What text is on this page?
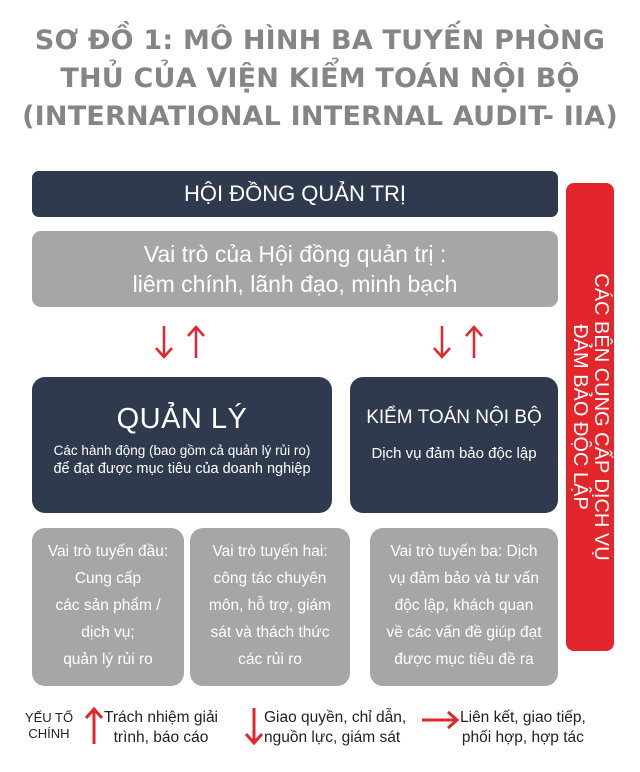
SƠ ĐỒ 1: MÔ HÌNH BA TUYẾN PHÒNG
THỦ CỦA VIỆN KIỂM TOÁN NỘI BỘ
(INTERNATIONAL INTERNAL AUDIT- IIA)
HỘI ĐỒNG QUẢN TRỊ
Vai trò của Hội đồng quản trị :
liêm chính, lãnh đạo, minh bạch
QUẢN LÝ
Các hành động (bao gồm cả quản lý rủi ro)
để đạt được mục tiêu của doanh nghiệp
KIỂM TOÁN NỘI BỘ
Dịch vụ đảm bảo độc lập
Vai trò tuyến đầu:
Cung cấp
các sản phẩm /
dịch vụ;
quản lý rủi ro
Vai trò tuyến hai:
công tác chuyên
môn, hỗ trợ, giám
sát và thách thức
các rủi ro
Vai trò tuyến ba: Dịch
vụ đảm bảo và tư vấn
độc lập, khách quan
về các vấn đề giúp đạt
được mục tiêu đề ra
CÁC BÊN CUNG CẤP DỊCH VỤ
ĐẢM BẢO ĐỘC LẬP
YẾU TỐ
CHÍNH
Trách nhiệm giải
trình, báo cáo
Giao quyền, chỉ dẫn,
nguồn lực, giám sát
Liên kết, giao tiếp,
phối hợp, hợp tác
